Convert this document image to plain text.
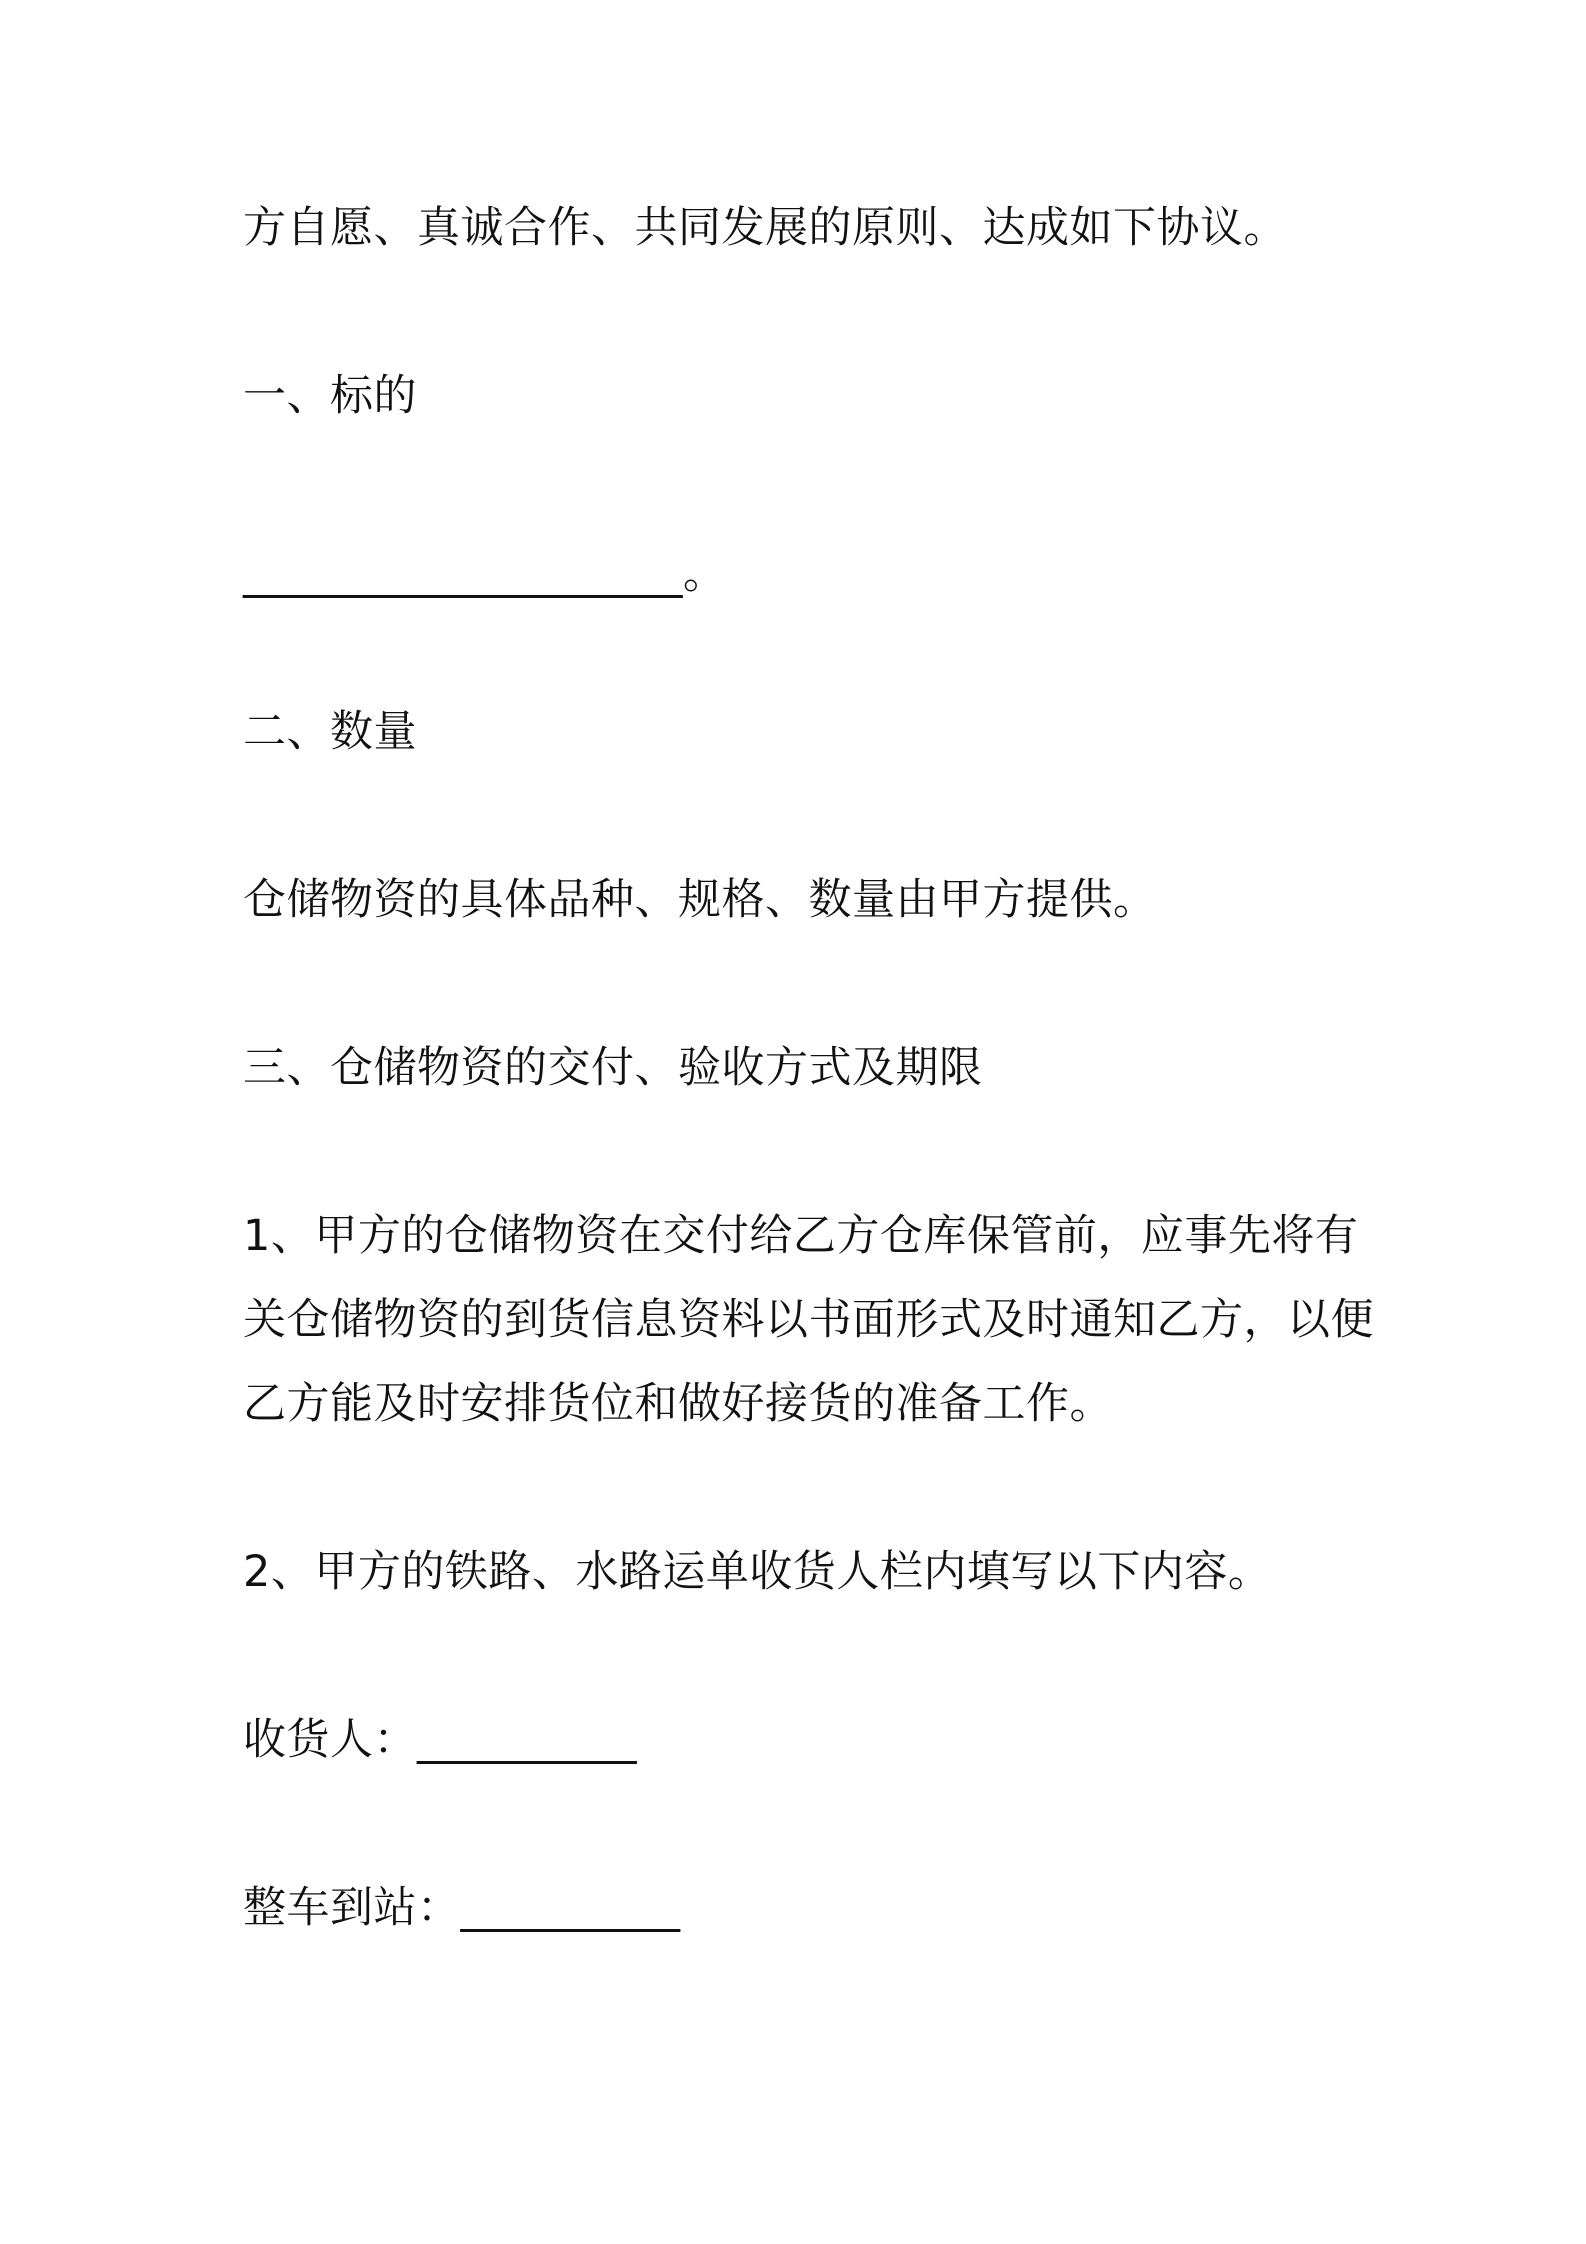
方自愿、真诚合作、共同发展的原则、达成如下协议。
一、标的
____________________。
二、数量
仓储物资的具体品种、规格、数量由甲方提供。
三、仓储物资的交付、验收方式及期限
1、甲方的仓储物资在交付给乙方仓库保管前，应事先将有
关仓储物资的到货信息资料以书面形式及时通知乙方，以便
乙方能及时安排货位和做好接货的准备工作。
2、甲方的铁路、水路运单收货人栏内填写以下内容。
收货人：__________
整车到站：__________
